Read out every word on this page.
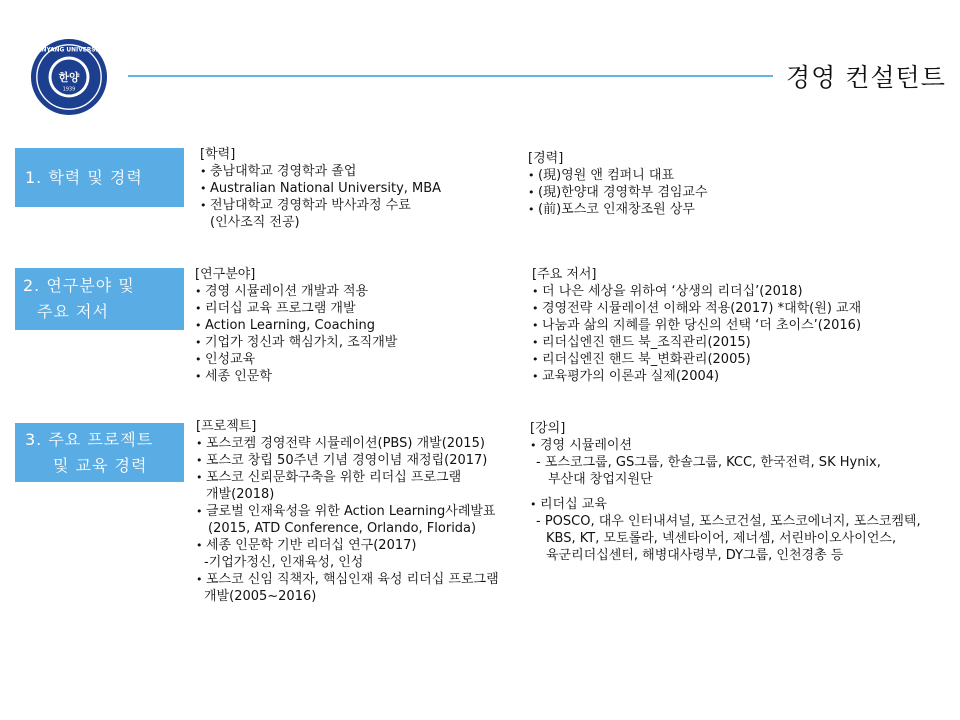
HANYANG UNIVERSITY
한양
1939	경영 컨설턴트
1. 학력 및 경력
[학력]
• 충남대학교 경영학과 졸업
• Australian National University, MBA
• 전남대학교 경영학과 박사과정 수료
(인사조직 전공)
[경력]
• (現)영원 앤 컴퍼니 대표
• (現)한양대 경영학부 겸임교수
• (前)포스코 인재창조원 상무
2. 연구분야 및
주요 저서
[연구분야]
• 경영 시뮬레이션 개발과 적용
• 리더십 교육 프로그램 개발
• Action Learning, Coaching
• 기업가 정신과 핵심가치, 조직개발
• 인성교육
• 세종 인문학
[주요 저서]
• 더 나은 세상을 위하여 ‘상생의 리더십’(2018)
• 경영전략 시뮬레이션 이해와 적용(2017) *대학(원) 교재
• 나눔과 삶의 지혜를 위한 당신의 선택 ‘더 초이스’(2016)
• 리더십엔진 핸드 북_조직관리(2015)
• 리더십엔진 핸드 북_변화관리(2005)
• 교육평가의 이론과 실제(2004)
3. 주요 프로젝트
및 교육 경력
[프로젝트]
• 포스코켐 경영전략 시뮬레이션(PBS) 개발(2015)
• 포스코 창립 50주년 기념 경영이념 재정립(2017)
• 포스코 신뢰문화구축을 위한 리더십 프로그램
개발(2018)
• 글로벌 인재육성을 위한 Action Learning사례발표
(2015, ATD Conference, Orlando, Florida)
• 세종 인문학 기반 리더십 연구(2017)
-기업가정신, 인재육성, 인성
• 포스코 신임 직책자, 핵심인재 육성 리더십 프로그램
개발(2005~2016)
[강의]
• 경영 시뮬레이션
- 포스코그룹, GS그룹, 한솔그룹, KCC, 한국전력, SK Hynix,
부산대 창업지원단
• 리더십 교육
- POSCO, 대우 인터내셔널, 포스코건설, 포스코에너지, 포스코켐텍,
KBS, KT, 모토롤라, 넥센타이어, 제너셈, 서린바이오사이언스,
육군리더십센터, 해병대사령부, DY그룹, 인천경총 등
